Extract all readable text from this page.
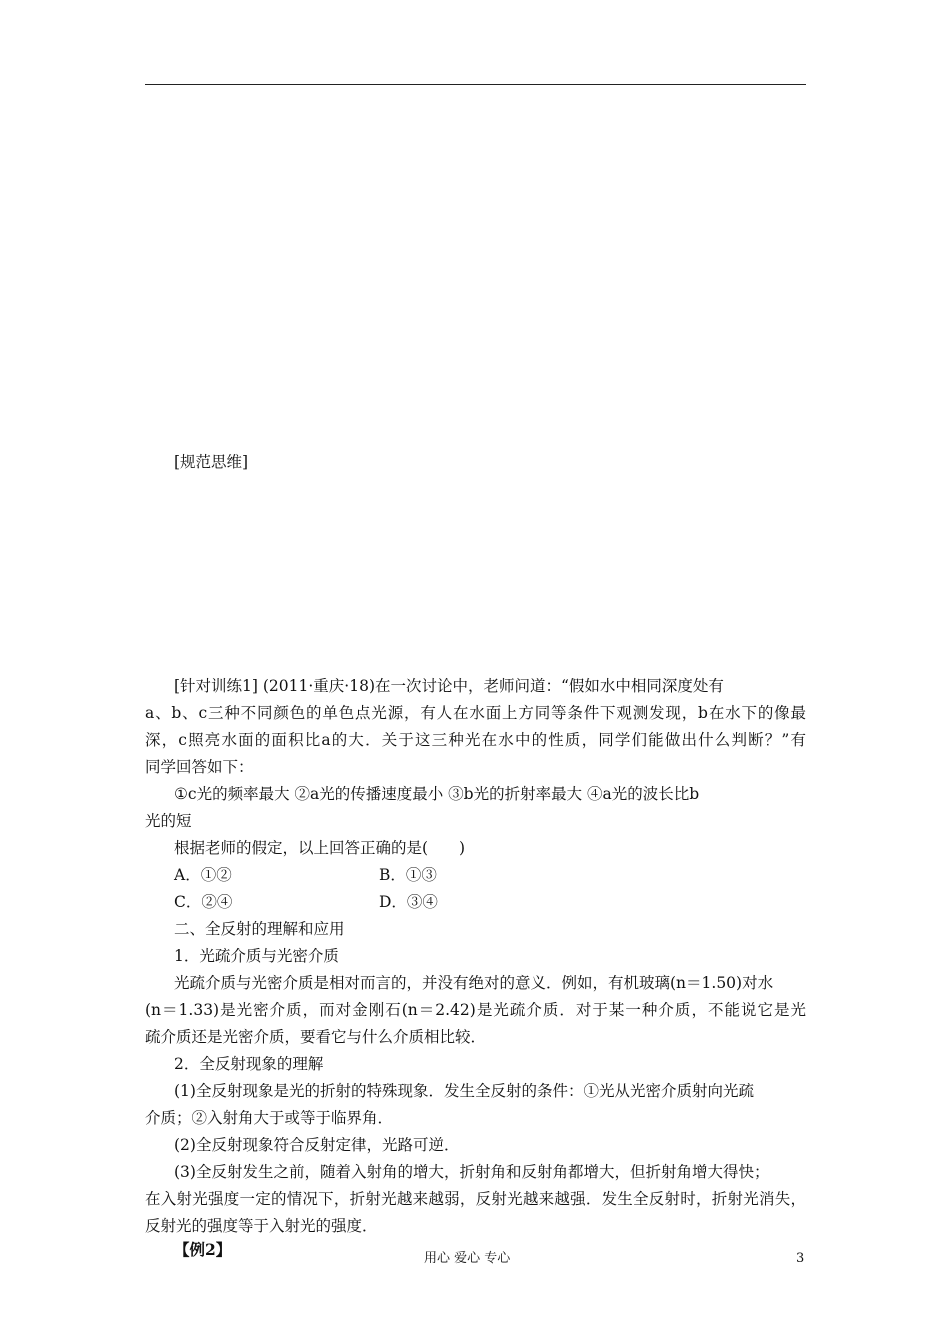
[规范思维]
[针对训练1] (2011·重庆·18)在一次讨论中，老师问道：“假如水中相同深度处有
a、b、c三种不同颜色的单色点光源，有人在水面上方同等条件下观测发现，b在水下的像最
深，c照亮水面的面积比a的大．关于这三种光在水中的性质，同学们能做出什么判断？”有
同学回答如下：
①c光的频率最大 ②a光的传播速度最小 ③b光的折射率最大 ④a光的波长比b
光的短
根据老师的假定，以上回答正确的是(　　)
A．①②	B．①③
C．②④	D．③④
二、全反射的理解和应用
1．光疏介质与光密介质
光疏介质与光密介质是相对而言的，并没有绝对的意义．例如，有机玻璃(n＝1.50)对水
(n＝1.33)是光密介质，而对金刚石(n＝2.42)是光疏介质．对于某一种介质，不能说它是光
疏介质还是光密介质，要看它与什么介质相比较．
2．全反射现象的理解
(1)全反射现象是光的折射的特殊现象．发生全反射的条件：①光从光密介质射向光疏
介质；②入射角大于或等于临界角．
(2)全反射现象符合反射定律，光路可逆．
(3)全反射发生之前，随着入射角的增大，折射角和反射角都增大，但折射角增大得快；
在入射光强度一定的情况下，折射光越来越弱，反射光越来越强．发生全反射时，折射光消失，
反射光的强度等于入射光的强度．
【例2】	用心 爱心 专心	3
